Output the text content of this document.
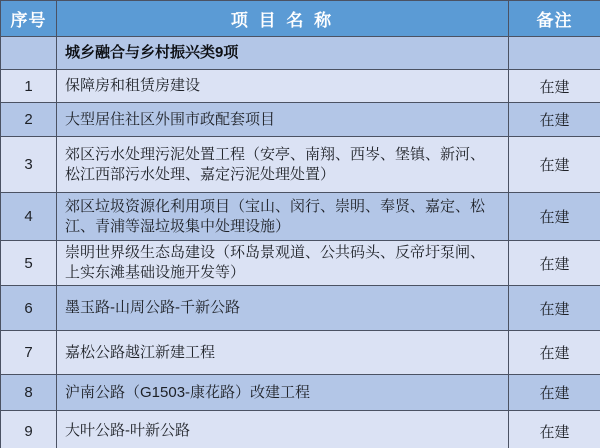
序号	项 目 名 称	备注
	城乡融合与乡村振兴类9项	
1	保障房和租赁房建设	在建
2	大型居住社区外围市政配套项目	在建
3	郊区污水处理污泥处置工程（安亭、南翔、西岑、堡镇、新河、松江西部污水处理、嘉定污泥处理处置）	在建
4	郊区垃圾资源化利用项目（宝山、闵行、崇明、奉贤、嘉定、松江、青浦等湿垃圾集中处理设施）	在建
5	崇明世界级生态岛建设（环岛景观道、公共码头、反帝圩泵闸、上实东滩基础设施开发等）	在建
6	墨玉路-山周公路-千新公路	在建
7	嘉松公路越江新建工程	在建
8	沪南公路（G1503-康花路）改建工程	在建
9	大叶公路-叶新公路	在建
